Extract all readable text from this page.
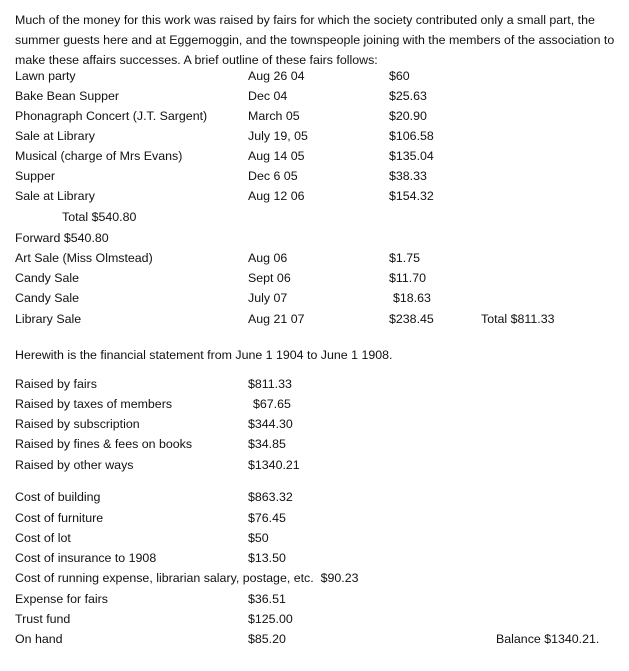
Much of the money for this work was raised by fairs for which the society contributed only a small part, the summer guests here and at Eggemoggin, and the townspeople joining with the members of the association to make these affairs successes. A brief outline of these fairs follows:

Lawn party	Aug 26 04	$60
Bake Bean Supper	Dec 04	$25.63
Phonagraph Concert (J.T. Sargent)	March 05	$20.90
Sale at Library	July 19, 05	$106.58
Musical (charge of Mrs Evans)	Aug 14 05	$135.04
Supper	Dec 6 05	$38.33
Sale at Library	Aug 12 06	$154.32
Total $540.80
Forward $540.80
Art Sale (Miss Olmstead)	Aug 06	$1.75
Candy Sale	Sept 06	$11.70
Candy Sale	July 07	$18.63
Library Sale	Aug 21 07	$238.45	Total $811.33
Herewith is the financial statement from June 1 1904 to June 1 1908.
Raised by fairs	$811.33
Raised by taxes of members	$67.65
Raised by subscription	$344.30
Raised by fines & fees on books	$34.85
Raised by other ways	$1340.21
Cost of building	$863.32
Cost of furniture	$76.45
Cost of lot	$50
Cost of insurance to 1908	$13.50
Cost of running expense, librarian salary, postage, etc.  $90.23
Expense for fairs	$36.51
Trust fund	$125.00
On hand	$85.20	Balance $1340.21.
